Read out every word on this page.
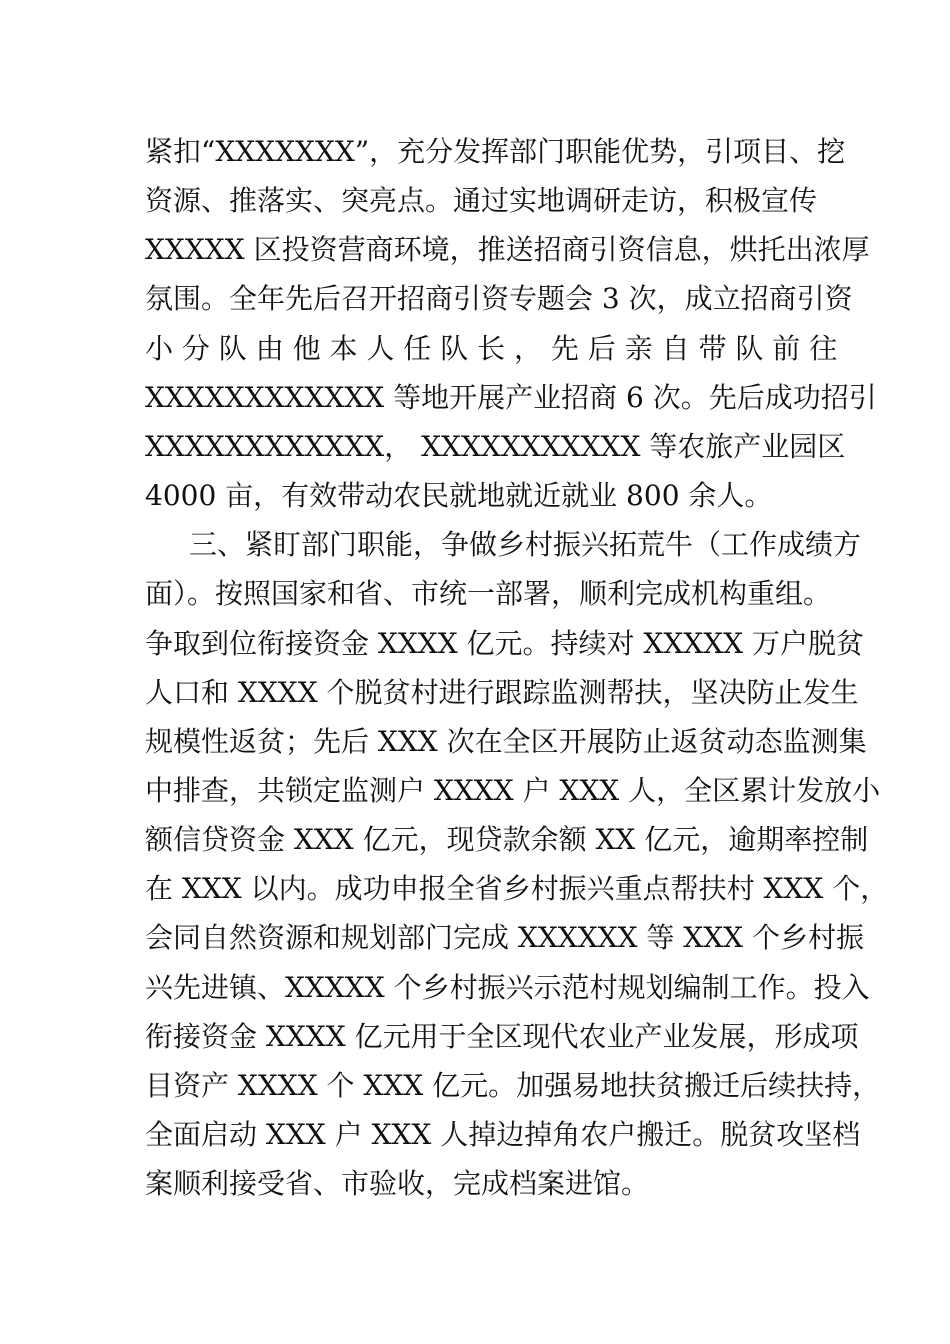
紧扣“XXXXXXX”，充分发挥部门职能优势，引项目、挖
资源、推落实、突亮点。通过实地调研走访，积极宣传
XXXXX 区投资营商环境，推送招商引资信息，烘托出浓厚
氛围。全年先后召开招商引资专题会 3 次，成立招商引资
小 分 队 由 他 本 人 任 队 长 ， 先 后 亲 自 带 队 前 往
XXXXXXXXXXXX 等地开展产业招商 6 次。先后成功招引
XXXXXXXXXXXX， XXXXXXXXXXX 等农旅产业园区
4000 亩，有效带动农民就地就近就业 800 余人。
三、紧盯部门职能，争做乡村振兴拓荒牛（工作成绩方
面）。按照国家和省、市统一部署，顺利完成机构重组。
争取到位衔接资金 XXXX 亿元。持续对 XXXXX 万户脱贫
人口和 XXXX 个脱贫村进行跟踪监测帮扶，坚决防止发生
规模性返贫；先后 XXX 次在全区开展防止返贫动态监测集
中排查，共锁定监测户 XXXX 户 XXX 人，全区累计发放小
额信贷资金 XXX 亿元，现贷款余额 XX 亿元，逾期率控制
在 XXX 以内。成功申报全省乡村振兴重点帮扶村 XXX 个，
会同自然资源和规划部门完成 XXXXXX 等 XXX 个乡村振
兴先进镇、XXXXX 个乡村振兴示范村规划编制工作。投入
衔接资金 XXXX 亿元用于全区现代农业产业发展，形成项
目资产 XXXX 个 XXX 亿元。加强易地扶贫搬迁后续扶持，
全面启动 XXX 户 XXX 人掉边掉角农户搬迁。脱贫攻坚档
案顺利接受省、市验收，完成档案进馆。
